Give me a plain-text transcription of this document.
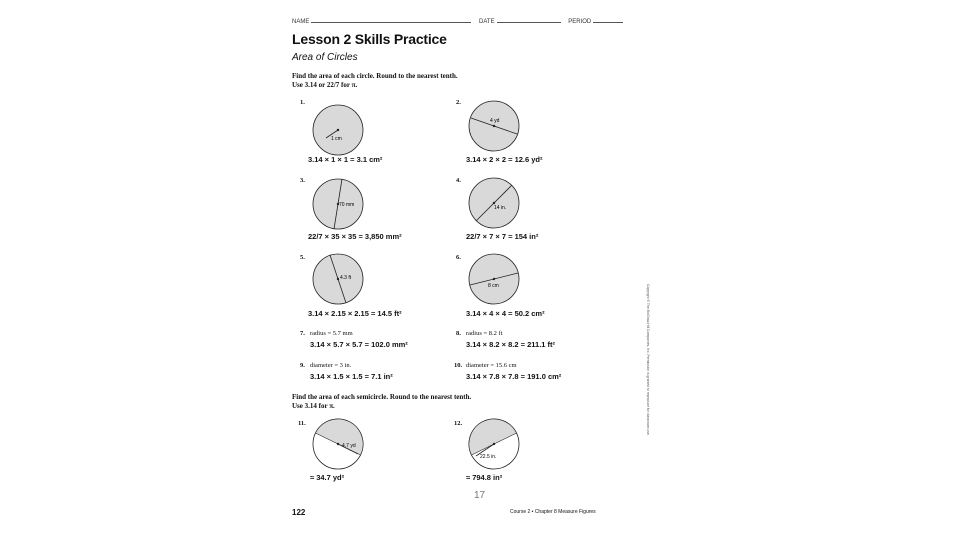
NAME	DATE	PERIOD
Lesson 2 Skills Practice
Area of Circles
Find the area of each circle. Round to the nearest tenth.
Use 3.14 or 22/7 for π.
1.
1 cm
3.14 × 1 × 1 = 3.1 cm²
2.
4 yd
3.14 × 2 × 2 = 12.6 yd²
3.
70 mm
22/7 × 35 × 35 = 3,850 mm²
4.
14 in.
22/7 × 7 × 7 = 154 in²
5.
4.3 ft
3.14 × 2.15 × 2.15 = 14.5 ft²
6.
8 cm
3.14 × 4 × 4 = 50.2 cm²
7. radius = 5.7 mm
3.14 × 5.7 × 5.7 = 102.0 mm²
8. radius = 8.2 ft
3.14 × 8.2 × 8.2 = 211.1 ft²
9. diameter = 3 in.
3.14 × 1.5 × 1.5 = 7.1 in²
10. diameter = 15.6 cm
3.14 × 7.8 × 7.8 = 191.0 cm²
Find the area of each semicircle. Round to the nearest tenth.
Use 3.14 for π.
11.
4.7 yd
≈ 34.7 yd²
12.
22.5 in.
≈ 794.8 in²
122	Course 2 • Chapter 8 Measure Figures
Copyright © The McGraw-Hill Companies, Inc. Permission is granted to reproduce for classroom use.
17
